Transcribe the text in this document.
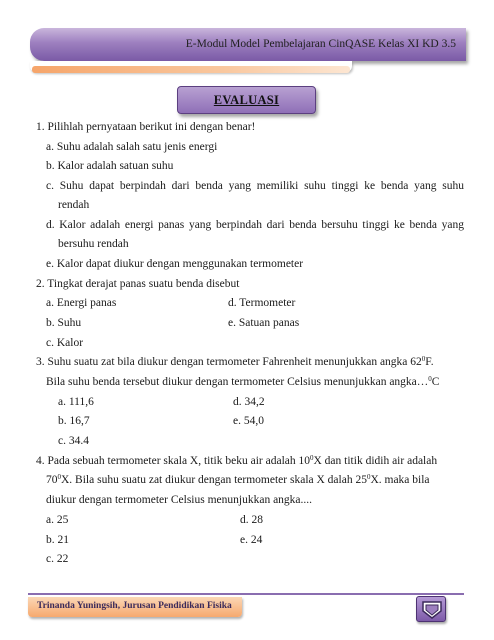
E-Modul Model Pembelajaran CinQASE Kelas XI KD 3.5
EVALUASI
1. Pilihlah pernyataan berikut ini dengan benar!
a. Suhu adalah salah satu jenis energi
b. Kalor adalah satuan suhu
c. Suhu dapat berpindah dari benda yang memiliki suhu tinggi ke benda yang suhu
rendah
d. Kalor adalah energi panas yang berpindah dari benda bersuhu tinggi ke benda yang
bersuhu rendah
e. Kalor dapat diukur dengan menggunakan termometer
2. Tingkat derajat panas suatu benda disebut
a. Energi panas	d. Termometer
b. Suhu	e. Satuan panas
c. Kalor
3. Suhu suatu zat bila diukur dengan termometer Fahrenheit menunjukkan angka $62^0F$.
Bila suhu benda tersebut diukur dengan termometer Celsius menunjukkan angka…$^0$C
a. 111,6	d. 34,2
b. 16,7	e. 54,0
c. 34.4
4. Pada sebuah termometer skala X, titik beku air adalah $10^0X$ dan titik didih air adalah
$70^0X$. Bila suhu suatu zat diukur dengan termometer skala X dalah $25^0X$. maka bila
diukur dengan termometer Celsius menunjukkan angka....
a. 25	d. 28
b. 21	e. 24
c. 22
Trinanda Yuningsih, Jurusan Pendidikan Fisika
